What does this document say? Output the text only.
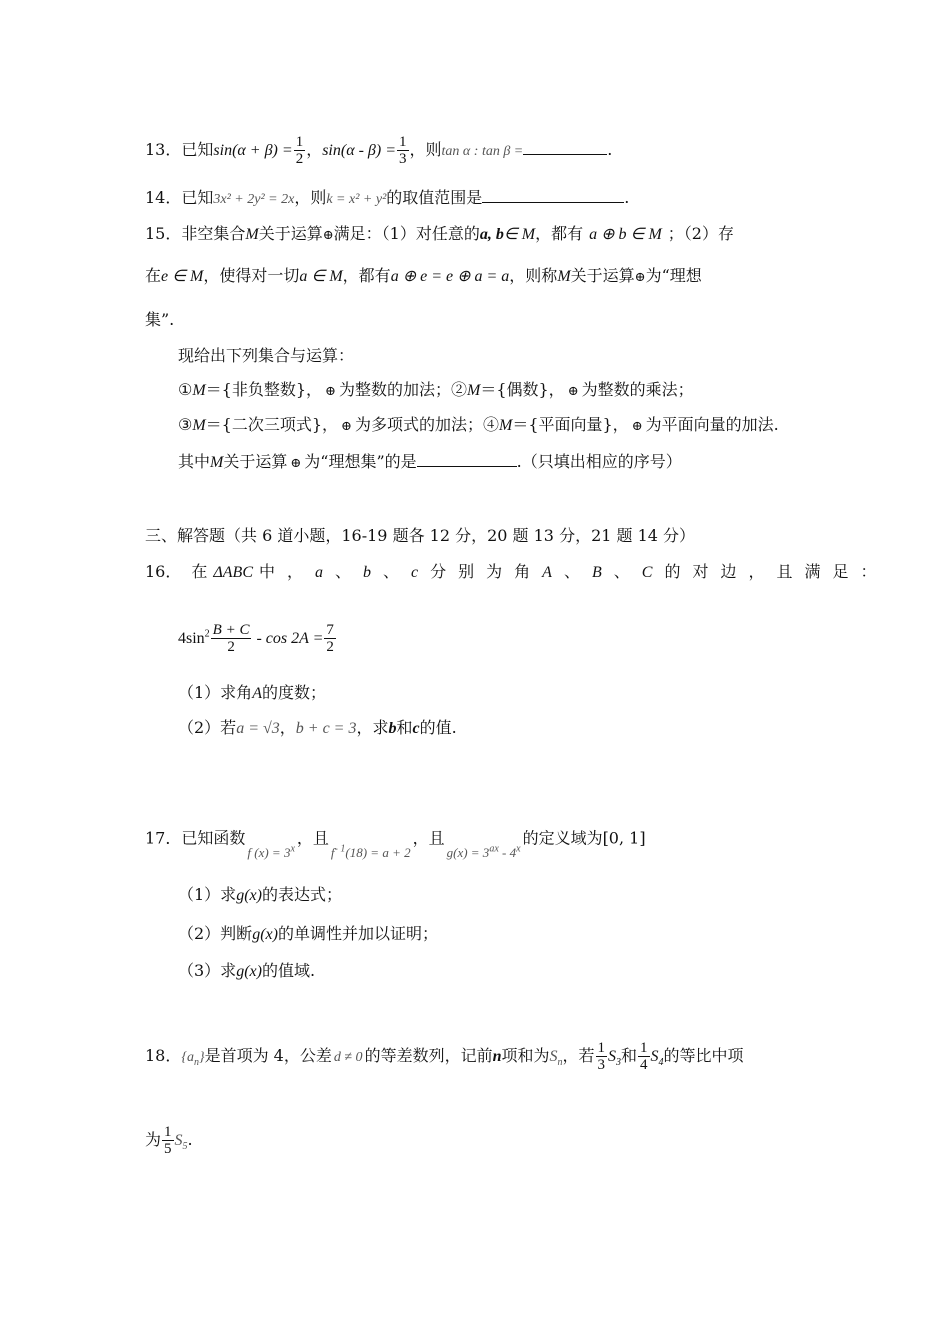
13．已知$\sin(\alpha + \beta) = \frac{1}{2}$ ，$\sin(\alpha - \beta) = \frac{1}{3}$ ，则tan α : tan β =	.
14．已知3x² + 2y² = 2x，则k = x² + y²的取值范围是	.
15．非空集合M关于运算⊕满足：（1）对任意的a, b∈ M，都有 a ⊕ b ∈ M ；（2）存
在e ∈ M，使得对一切a ∈ M，都有a ⊕ e = e ⊕ a = a，则称M关于运算⊕为“理想
集”.
现给出下列集合与运算：
①M＝{非负整数}， ⊕ 为整数的加法；②M＝{偶数}， ⊕ 为整数的乘法；
③M＝{二次三项式}， ⊕ 为多项式的加法；④M＝{平面向量}， ⊕ 为平面向量的加法.
其中M关于运算 ⊕ 为“理想集”的是	.（只填出相应的序号）
三、解答题（共 6 道小题，16-19 题各 12 分，20 题 13 分，21 题 14 分）
16． 在 ΔABC 中，a 、b 、c 分别为角A 、B 、C 的对边，且满足：
$4\sin^2 \frac{B + C}{2} - \cos 2A = \frac{7}{2}$
（1）求角A的度数；
（2）若a = √3，b + c = 3，求b和c的值.
17．已知函数$_{f (x) = 3^x}$，且$_{f^{- 1}(18) = a + 2}$，且$_{g(x) = 3^{ax} - 4^x}$的定义域为[0, 1]
（1）求g(x)的表达式；
（2）判断g(x)的单调性并加以证明；
（3）求g(x)的值域.
18．$\{a_n\}$是首项为 4，公差 d ≠ 0 的等差数列，记前n项和为$S_n$，若 $\frac{1}{3} S_3$和 $\frac{1}{4} S_4$的等比中项
为 $\frac{1}{5} S_5$.
